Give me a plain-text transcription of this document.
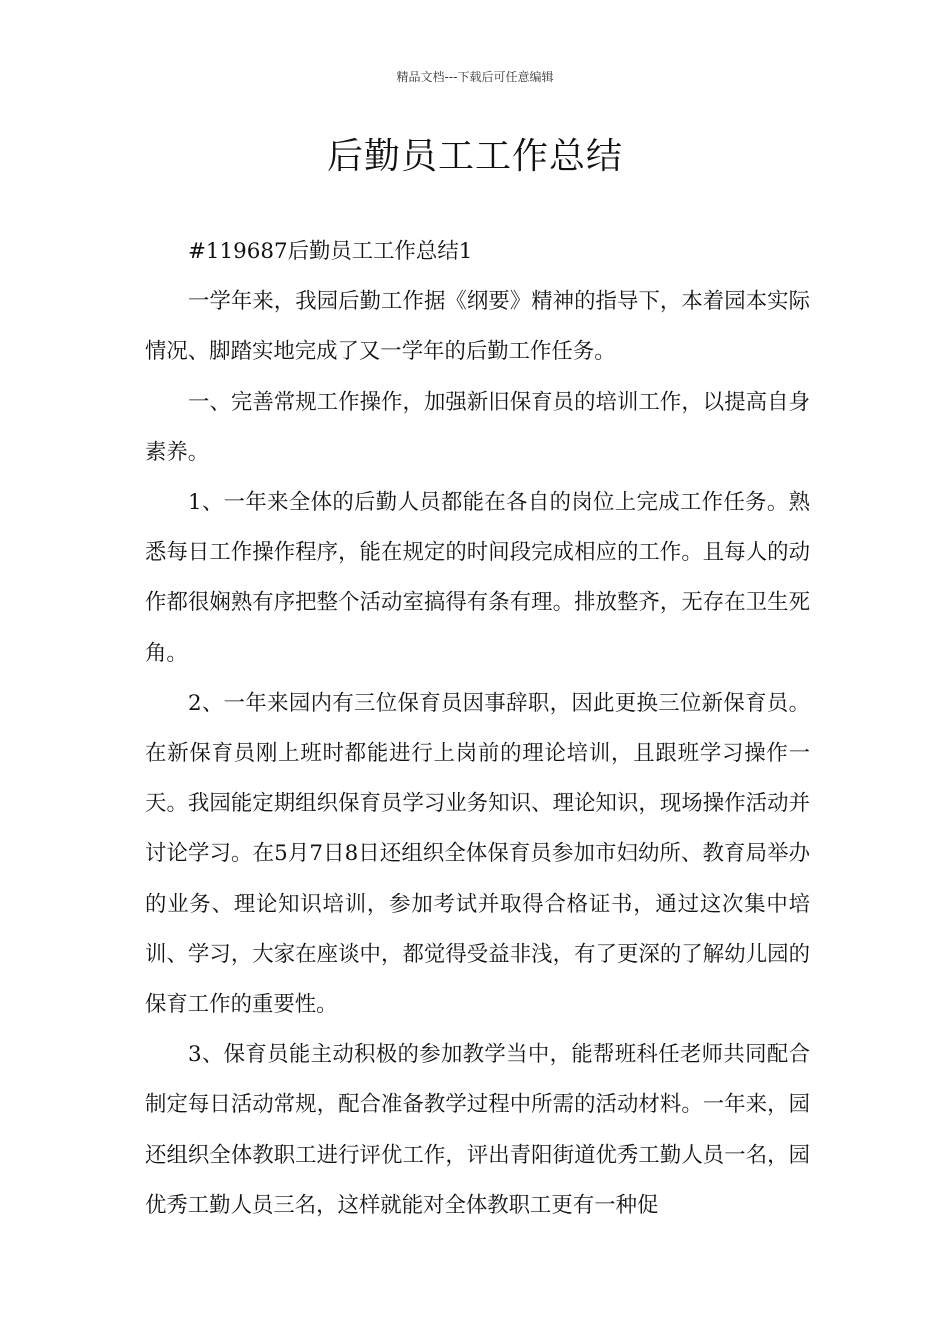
精品文档---下载后可任意编辑
后勤员工工作总结

#119687后勤员工工作总结1

一学年来，我园后勤工作据《纲要》精神的指导下，本着园本实际情况、脚踏实地完成了又一学年的后勤工作任务。

一、完善常规工作操作，加强新旧保育员的培训工作，以提高自身素养。

1、一年来全体的后勤人员都能在各自的岗位上完成工作任务。熟悉每日工作操作程序，能在规定的时间段完成相应的工作。且每人的动作都很娴熟有序把整个活动室搞得有条有理。排放整齐，无存在卫生死角。

2、一年来园内有三位保育员因事辞职，因此更换三位新保育员。在新保育员刚上班时都能进行上岗前的理论培训，且跟班学习操作一天。我园能定期组织保育员学习业务知识、理论知识，现场操作活动并讨论学习。在5月7日8日还组织全体保育员参加市妇幼所、教育局举办的业务、理论知识培训，参加考试并取得合格证书，通过这次集中培训、学习，大家在座谈中，都觉得受益非浅，有了更深的了解幼儿园的保育工作的重要性。

3、保育员能主动积极的参加教学当中，能帮班科任老师共同配合制定每日活动常规，配合准备教学过程中所需的活动材料。一年来，园还组织全体教职工进行评优工作，评出青阳街道优秀工勤人员一名，园优秀工勤人员三名，这样就能对全体教职工更有一种促
